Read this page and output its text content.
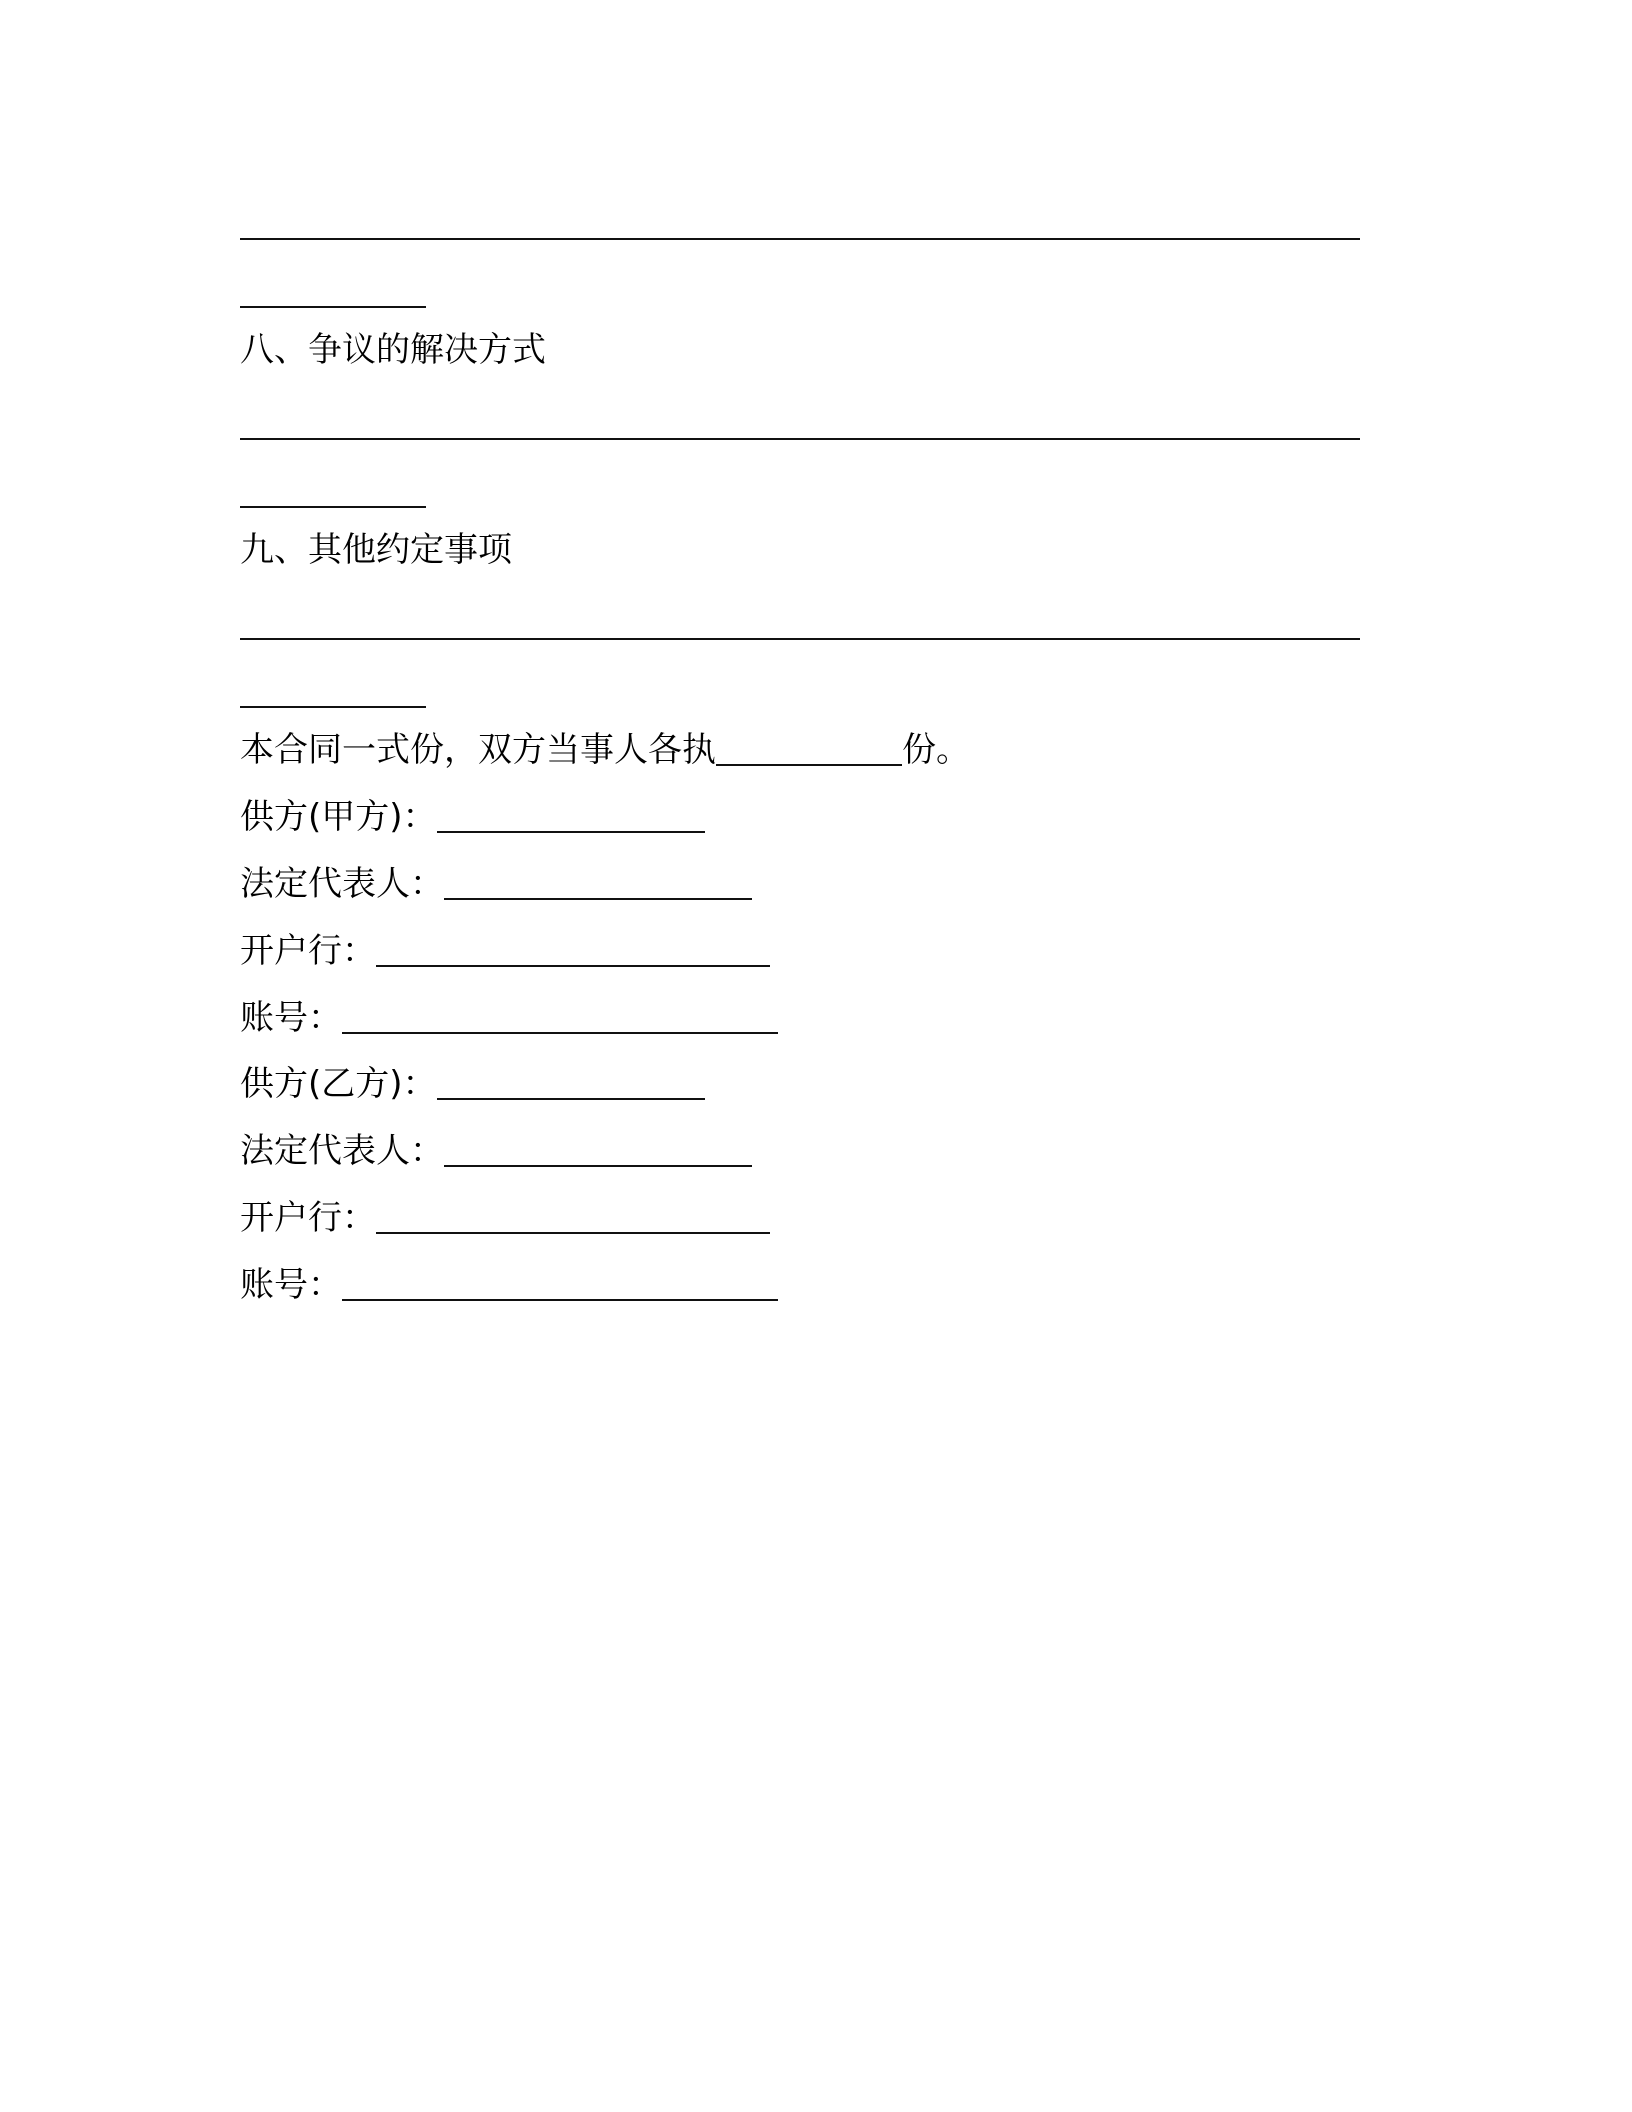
八、争议的解决方式
九、其他约定事项
本合同一式份，双方当事人各执	份。
供方(甲方)：
法定代表人：
开户行：
账号：
供方(乙方)：
法定代表人：
开户行：
账号：
